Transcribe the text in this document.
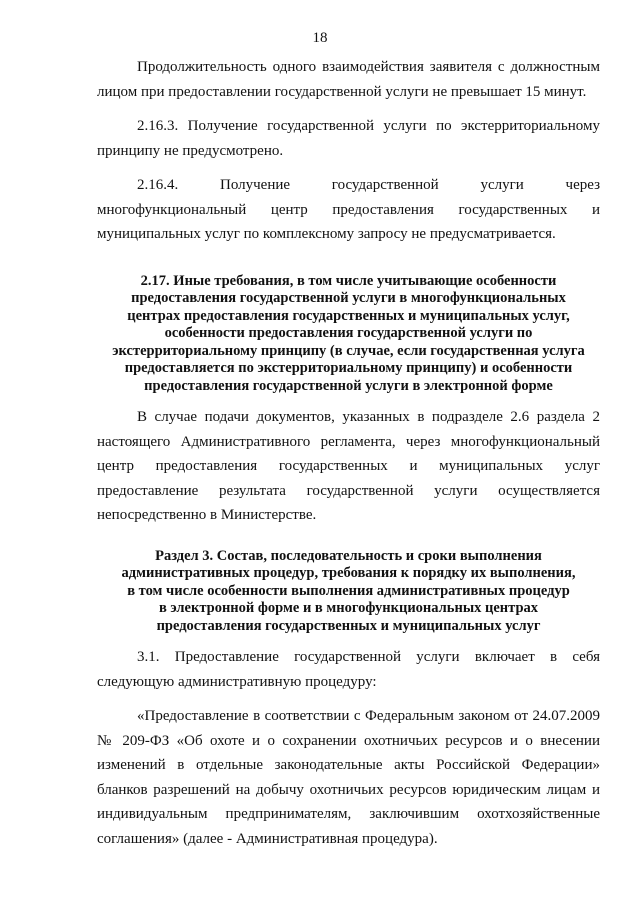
18

Продолжительность одного взаимодействия заявителя с должностным лицом при предоставлении государственной услуги не превышает 15 минут.

2.16.3. Получение государственной услуги по экстерриториальному принципу не предусмотрено.

2.16.4. Получение государственной услуги через многофункциональный центр предоставления государственных и муниципальных услуг по комплексному запросу не предусматривается.

2.17. Иные требования, в том числе учитывающие особенности

предоставления государственной услуги в многофункциональных

центрах предоставления государственных и муниципальных услуг,

особенности предоставления государственной услуги по

экстерриториальному принципу (в случае, если государственная услуга

предоставляется по экстерриториальному принципу) и особенности

предоставления государственной услуги в электронной форме

В случае подачи документов, указанных в подразделе 2.6 раздела 2 настоящего Административного регламента, через многофункциональный центр предоставления государственных и муниципальных услуг предоставление результата государственной услуги осуществляется непосредственно в Министерстве.

Раздел 3. Состав, последовательность и сроки выполнения

административных процедур, требования к порядку их выполнения,

в том числе особенности выполнения административных процедур

в электронной форме и в многофункциональных центрах

предоставления государственных и муниципальных услуг

3.1. Предоставление государственной услуги включает в себя следующую административную процедуру:

«Предоставление в соответствии с Федеральным законом от 24.07.2009 № 209-ФЗ «Об охоте и о сохранении охотничьих ресурсов и о внесении изменений в отдельные законодательные акты Российской Федерации» бланков разрешений на добычу охотничьих ресурсов юридическим лицам и индивидуальным предпринимателям, заключившим охотхозяйственные соглашения» (далее - Административная процедура).
